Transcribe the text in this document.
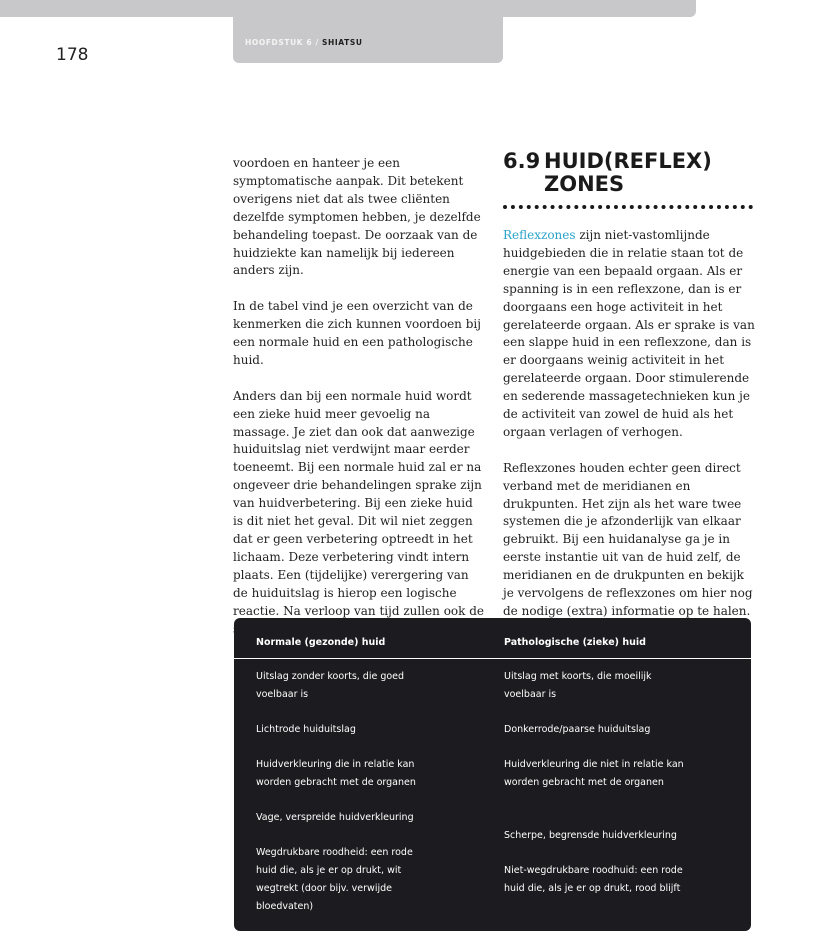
HOOFDSTUK 6 / SHIATSU
178

voordoen en hanteer je een symptomatische aanpak. Dit betekent overigens niet dat als twee cliënten dezelfde symptomen hebben, je dezelfde behandeling toepast. De oorzaak van de huidziekte kan namelijk bij iedereen anders zijn.

In de tabel vind je een overzicht van de kenmerken die zich kunnen voordoen bij een normale huid en een pathologische huid.

Anders dan bij een normale huid wordt een zieke huid meer gevoelig na massage. Je ziet dan ook dat aanwezige huiduitslag niet verdwijnt maar eerder toeneemt. Bij een normale huid zal er na ongeveer drie behandelingen sprake zijn van huidverbetering. Bij een zieke huid is dit niet het geval. Dit wil niet zeggen dat er geen verbetering optreedt in het lichaam. Deze verbetering vindt intern plaats. Een (tijdelijke) verergering van de huiduitslag is hierop een logische reactie. Na verloop van tijd zullen ook de

6.9 HUID(REFLEX) ZONES

Reflexzones zijn niet-vastomlijnde huidgebieden die in relatie staan tot de energie van een bepaald orgaan. Als er spanning is in een reflexzone, dan is er doorgaans een hoge activiteit in het gerelateerde orgaan. Als er sprake is van een slappe huid in een reflexzone, dan is er doorgaans weinig activiteit in het gerelateerde orgaan. Door stimulerende en sederende massagetechnieken kun je de activiteit van zowel de huid als het orgaan verlagen of verhogen.

Reflexzones houden echter geen direct verband met de meridianen en drukpunten. Het zijn als het ware twee systemen die je afzonderlijk van elkaar gebruikt. Bij een huidanalyse ga je in eerste instantie uit van de huid zelf, de meridianen en de drukpunten en bekijk je vervolgens de reflexzones om hier nog de nodige (extra) informatie op te halen.

Normale (gezonde) huid	Pathologische (zieke) huid
Uitslag zonder koorts, die goed voelbaar is
Uitslag met koorts, die moeilijk voelbaar is
Lichtrode huiduitslag	Donkerrode/paarse huiduitslag
Huidverkleuring die in relatie kan worden gebracht met de organen
Huidverkleuring die niet in relatie kan worden gebracht met de organen
Vage, verspreide huidverkleuring
Scherpe, begrensde huidverkleuring
Wegdrukbare roodheid: een rode huid die, als je er op drukt, wit wegtrekt (door bijv. verwijde bloedvaten)
Niet-wegdrukbare roodhuid: een rode huid die, als je er op drukt, rood blijft
